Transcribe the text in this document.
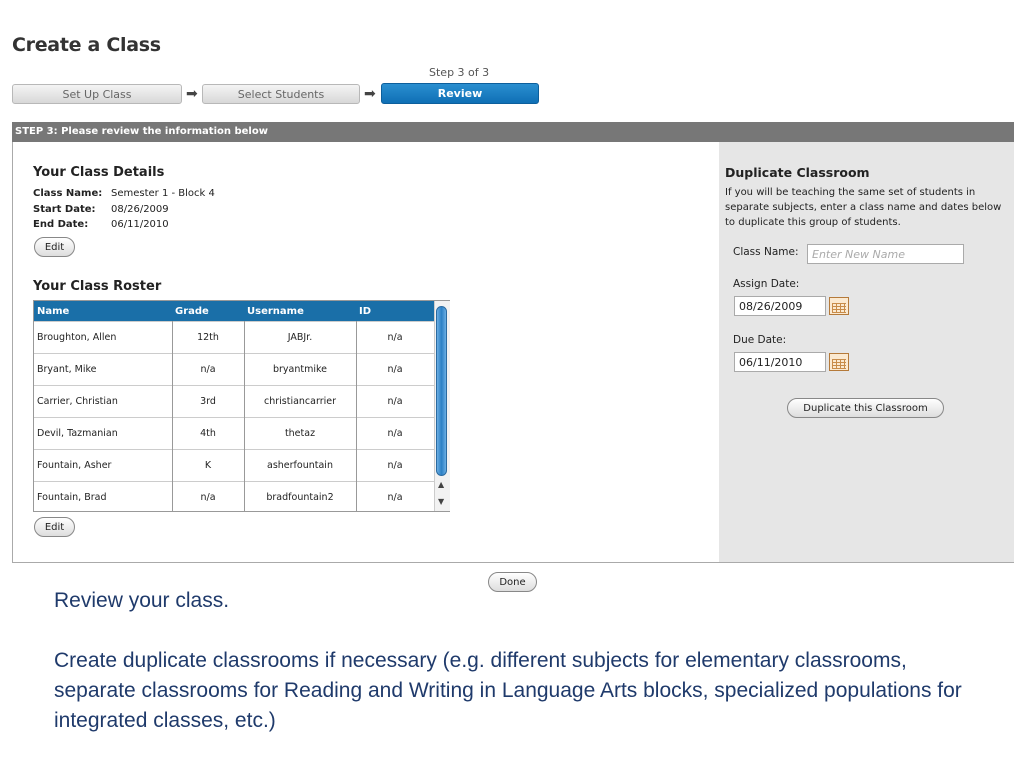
Create a Class
Step 3 of 3
Set Up Class	➡	Select Students	➡	Review
STEP 3: Please review the information below
Your Class Details
Class Name: Semester 1 - Block 4
Start Date: 08/26/2009
End Date: 06/11/2010
Edit
Your Class Roster
Name	Grade	Username	ID
Broughton, Allen	12th	JABJr.	n/a
Bryant, Mike	n/a	bryantmike	n/a
Carrier, Christian	3rd	christiancarrier	n/a
Devil, Tazmanian	4th	thetaz	n/a
Fountain, Asher	K	asherfountain	n/a
Fountain, Brad	n/a	bradfountain2	n/a
▲
▼
Edit
Duplicate Classroom
If you will be teaching the same set of students in separate subjects, enter a class name and dates below to duplicate this group of students.
Class Name: Enter New Name
Assign Date:
08/26/2009
Due Date:
06/11/2010
Duplicate this Classroom
Done
Review your class.
Create duplicate classrooms if necessary (e.g. different subjects for elementary classrooms, separate classrooms for Reading and Writing in Language Arts blocks, specialized populations for integrated classes, etc.)
